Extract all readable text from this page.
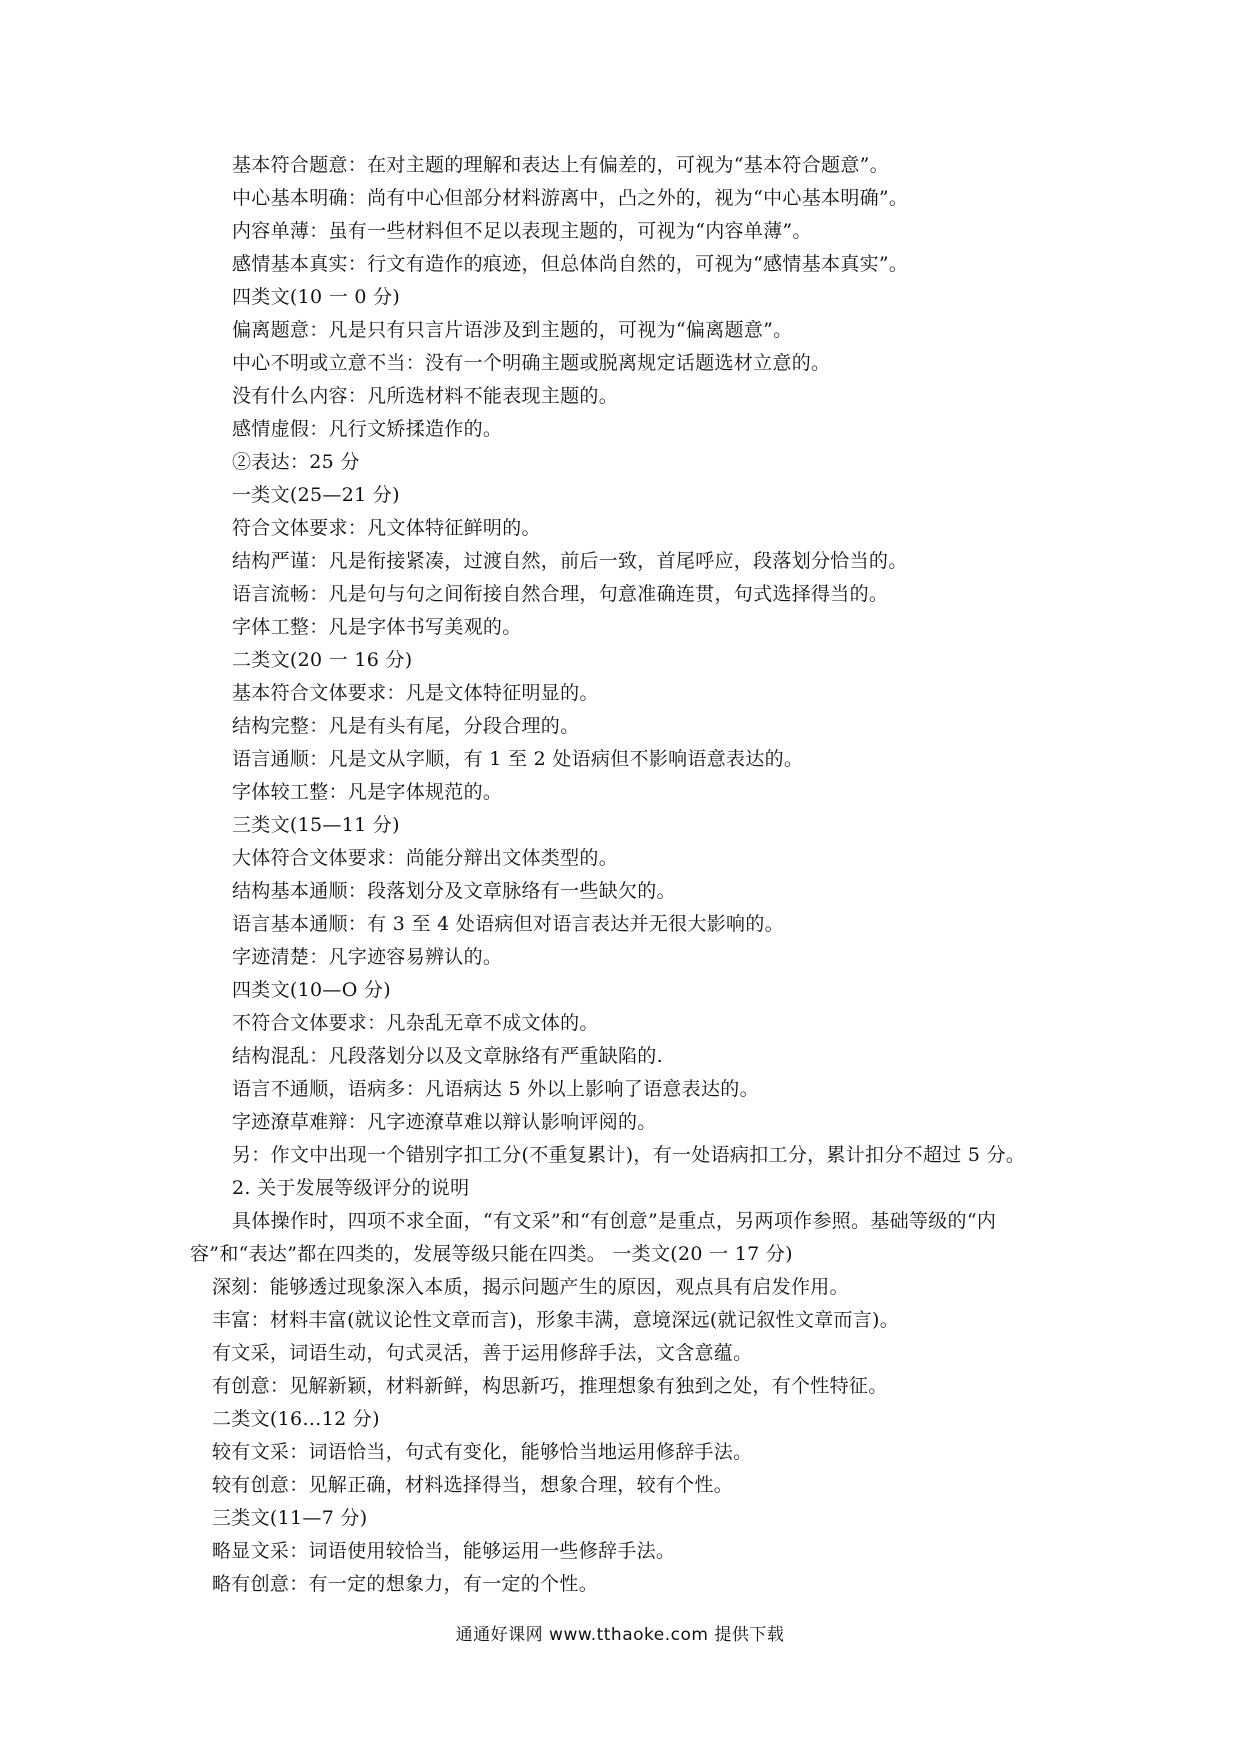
基本符合题意：在对主题的理解和表达上有偏差的，可视为“基本符合题意”。
中心基本明确：尚有中心但部分材料游离中，凸之外的，视为“中心基本明确”。
内容单薄：虽有一些材料但不足以表现主题的，可视为“内容单薄”。
感情基本真实：行文有造作的痕迹，但总体尚自然的，可视为“感情基本真实”。
四类文(10 一 0 分)
偏离题意：凡是只有只言片语涉及到主题的，可视为“偏离题意”。
中心不明或立意不当：没有一个明确主题或脱离规定话题选材立意的。
没有什么内容：凡所选材料不能表现主题的。
感情虚假：凡行文矫揉造作的。
②表达：25 分
一类文(25—21 分)
符合文体要求：凡文体特征鲜明的。
结构严谨：凡是衔接紧凑，过渡自然，前后一致，首尾呼应，段落划分恰当的。
语言流畅：凡是句与句之间衔接自然合理，句意准确连贯，句式选择得当的。
字体工整：凡是字体书写美观的。
二类文(20 一 16 分)
基本符合文体要求：凡是文体特征明显的。
结构完整：凡是有头有尾，分段合理的。
语言通顺：凡是文从字顺，有 1 至 2 处语病但不影响语意表达的。
字体较工整：凡是字体规范的。
三类文(15—11 分)
大体符合文体要求：尚能分辩出文体类型的。
结构基本通顺：段落划分及文章脉络有一些缺欠的。
语言基本通顺：有 3 至 4 处语病但对语言表达并无很大影响的。
字迹清楚：凡字迹容易辨认的。
四类文(10—O 分)
不符合文体要求：凡杂乱无章不成文体的。
结构混乱：凡段落划分以及文章脉络有严重缺陷的.
语言不通顺，语病多：凡语病达 5 外以上影响了语意表达的。
字迹潦草难辩：凡字迹潦草难以辩认影响评阅的。
另：作文中出现一个错别字扣工分(不重复累计)，有一处语病扣工分，累计扣分不超过 5 分。
2. 关于发展等级评分的说明
具体操作时，四项不求全面，“有文采”和“有创意”是重点，另两项作参照。基础等级的“内
容”和“表达”都在四类的，发展等级只能在四类。 一类文(20 一 17 分)
深刻：能够透过现象深入本质，揭示问题产生的原因，观点具有启发作用。
丰富：材料丰富(就议论性文章而言)，形象丰满，意境深远(就记叙性文章而言)。
有文采，词语生动，句式灵活，善于运用修辞手法，文含意蕴。
有创意：见解新颖，材料新鲜，构思新巧，推理想象有独到之处，有个性特征。
二类文(16…12 分)
较有文采：词语恰当，句式有变化，能够恰当地运用修辞手法。
较有创意：见解正确，材料选择得当，想象合理，较有个性。
三类文(11—7 分)
略显文采：词语使用较恰当，能够运用一些修辞手法。
略有创意：有一定的想象力，有一定的个性。
通通好课网 www.tthaoke.com 提供下载
